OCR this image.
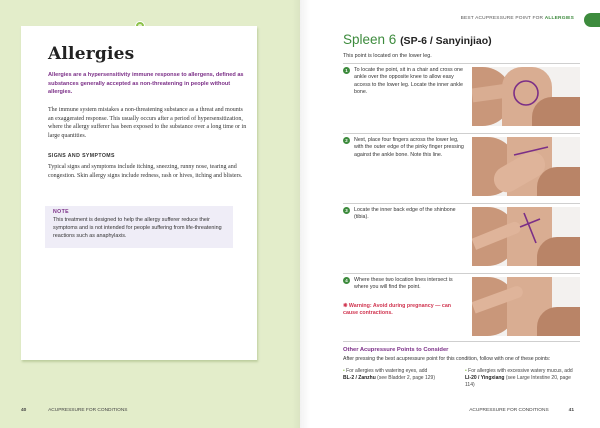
Allergies
Allergies are a hypersensitivity immune response to allergens, defined as substances generally accepted as non-threatening in people without allergies.
The immune system mistakes a non-threatening substance as a threat and mounts an exaggerated response. This usually occurs after a period of hypersensitization, where the allergy sufferer has been exposed to the substance over a long time or in large quantities.
SIGNS AND SYMPTOMS
Typical signs and symptoms include itching, sneezing, runny nose, tearing and congestion. Skin allergy signs include redness, rash or hives, itching and blisters.
NOTE
This treatment is designed to help the allergy sufferer reduce their symptoms and is not intended for people suffering from life-threatening reactions such as anaphylaxis.
40	ACUPRESSURE FOR CONDITIONS
BEST ACUPRESSURE POINT FOR ALLERGIES
Spleen 6 (SP-6 / Sanyinjiao)
This point is located on the lower leg.
1	To locate the point, sit in a chair and cross one ankle over the opposite knee to allow easy access to the lower leg. Locate the inner ankle bone.
2	Next, place four fingers across the lower leg, with the outer edge of the pinky finger pressing against the ankle bone. Note this line.
3	Locate the inner back edge of the shinbone (tibia).
4	Where these two location lines intersect is where you will find the point.
❋ Warning: Avoid during pregnancy — can cause contractions.
Other Acupressure Points to Consider
After pressing the best acupressure point for this condition, follow with one of these points:
• For allergies with watering eyes, add
BL-2 / Zanzhu (see Bladder 2, page 129)
• For allergies with excessive watery mucus, add LI-20 / Yingxiang (see Large Intestine 20, page 114)
ACUPRESSURE FOR CONDITIONS	41
